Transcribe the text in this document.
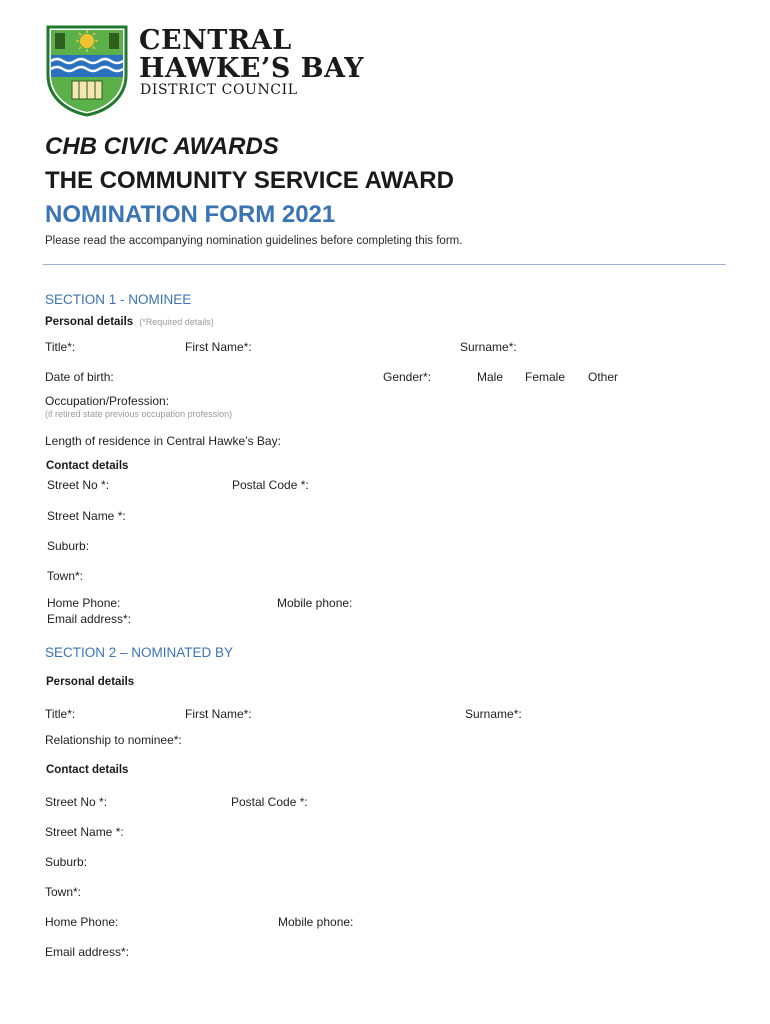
CENTRAL
HAWKE’S BAY
DISTRICT COUNCIL
CHB CIVIC AWARDS
THE COMMUNITY SERVICE AWARD
NOMINATION FORM 2021
Please read the accompanying nomination guidelines before completing this form.
SECTION 1 - NOMINEE
Personal details (*Required details)
Title*:	First Name*:	Surname*:
Date of birth:	Gender*:	Male Female Other
Occupation/Profession:
(if retired state previous occupation profession)
Length of residence in Central Hawke’s Bay:
Contact details
Street No *:	Postal Code *:
Street Name *:
Suburb:
Town*:
Home Phone:	Mobile phone:
Email address*:
SECTION 2 – NOMINATED BY
Personal details
Title*:	First Name*:	Surname*:
Relationship to nominee*:
Contact details
Street No *:	Postal Code *:
Street Name *:
Suburb:
Town*:
Home Phone:	Mobile phone:
Email address*:
